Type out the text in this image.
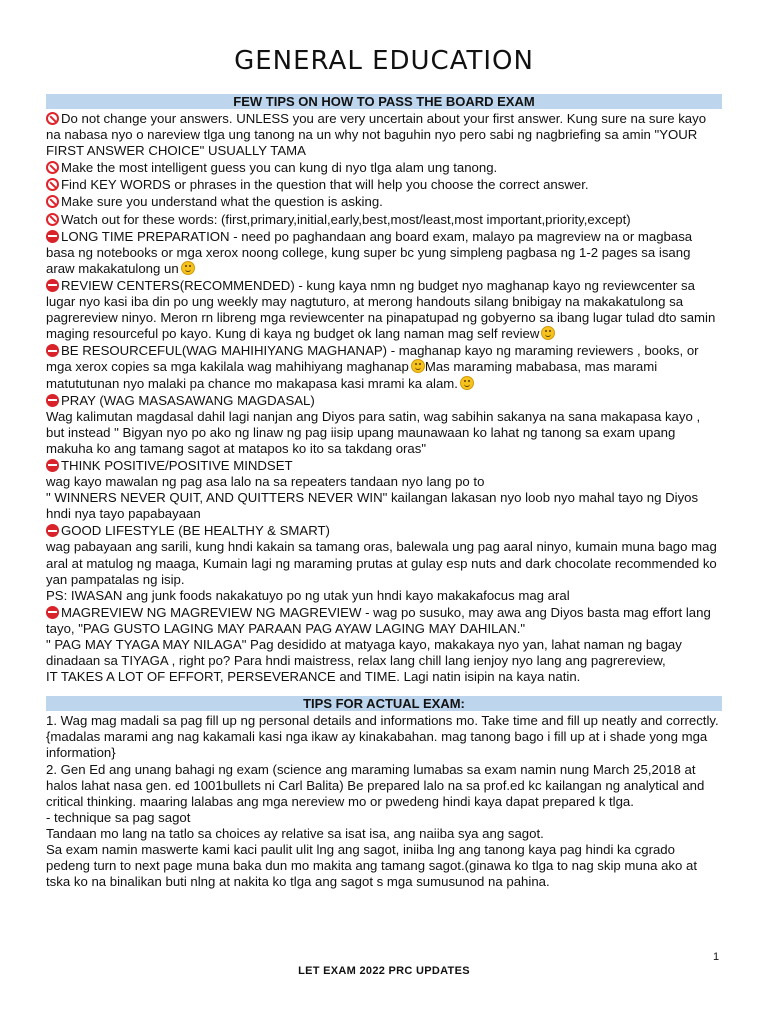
GENERAL EDUCATION
FEW TIPS ON HOW TO PASS THE BOARD EXAM

Do not change your answers. UNLESS you are very uncertain about your first answer. Kung sure na sure kayo na nabasa nyo o nareview tlga ung tanong na un why not baguhin nyo pero sabi ng nagbriefing sa amin "YOUR FIRST ANSWER CHOICE" USUALLY TAMA

Make the most intelligent guess you can kung di nyo tlga alam ung tanong.

Find KEY WORDS or phrases in the question that will help you choose the correct answer.

Make sure you understand what the question is asking.

Watch out for these words: (first,primary,initial,early,best,most/least,most important,priority,except)

LONG TIME PREPARATION - need po paghandaan ang board exam, malayo pa magreview na or magbasa basa ng notebooks or mga xerox noong college, kung super bc yung simpleng pagbasa ng 1-2 pages sa isang araw makakatulong un

REVIEW CENTERS(RECOMMENDED) - kung kaya nmn ng budget nyo maghanap kayo ng reviewcenter sa lugar nyo kasi iba din po ung weekly may nagtuturo, at merong handouts silang bnibigay na makakatulong sa pagrereview ninyo. Meron rn libreng mga reviewcenter na pinapatupad ng gobyerno sa ibang lugar tulad dto samin maging resourceful po kayo. Kung di kaya ng budget ok lang naman mag self review

BE RESOURCEFUL(WAG MAHIHIYANG MAGHANAP) - maghanap kayo ng maraming reviewers , books, or mga xerox copies sa mga kakilala wag mahihiyang maghanap Mas maraming mababasa, mas marami matututunan nyo malaki pa chance mo makapasa kasi mrami ka alam.

PRAY (WAG MASASAWANG MAGDASAL)

Wag kalimutan magdasal dahil lagi nanjan ang Diyos para satin, wag sabihin sakanya na sana makapasa kayo , but instead " Bigyan nyo po ako ng linaw ng pag iisip upang maunawaan ko lahat ng tanong sa exam upang makuha ko ang tamang sagot at matapos ko ito sa takdang oras"

THINK POSITIVE/POSITIVE MINDSET

wag kayo mawalan ng pag asa lalo na sa repeaters tandaan nyo lang po to

" WINNERS NEVER QUIT, AND QUITTERS NEVER WIN" kailangan lakasan nyo loob nyo mahal tayo ng Diyos hndi nya tayo papabayaan

GOOD LIFESTYLE (BE HEALTHY & SMART)

wag pabayaan ang sarili, kung hndi kakain sa tamang oras, balewala ung pag aaral ninyo, kumain muna bago mag aral at matulog ng maaga, Kumain lagi ng maraming prutas at gulay esp nuts and dark chocolate recommended ko yan pampatalas ng isip.

PS: IWASAN ang junk foods nakakatuyo po ng utak yun hndi kayo makakafocus mag aral

MAGREVIEW NG MAGREVIEW NG MAGREVIEW - wag po susuko, may awa ang Diyos basta mag effort lang tayo, "PAG GUSTO LAGING MAY PARAAN PAG AYAW LAGING MAY DAHILAN."

" PAG MAY TYAGA MAY NILAGA" Pag desidido at matyaga kayo, makakaya nyo yan, lahat naman ng bagay dinadaan sa TIYAGA , right po? Para hndi maistress, relax lang chill lang ienjoy nyo lang ang pagrereview,

IT TAKES A LOT OF EFFORT, PERSEVERANCE and TIME. Lagi natin isipin na kaya natin.

TIPS FOR ACTUAL EXAM:

1. Wag mag madali sa pag fill up ng personal details and informations mo. Take time and fill up neatly and correctly. {madalas marami ang nag kakamali kasi nga ikaw ay kinakabahan. mag tanong bago i fill up at i shade yong mga information}

2. Gen Ed ang unang bahagi ng exam (science ang maraming lumabas sa exam namin nung March 25,2018 at halos lahat nasa gen. ed 1001bullets ni Carl Balita) Be prepared lalo na sa prof.ed kc kailangan ng analytical and critical thinking. maaring lalabas ang mga nereview mo or pwedeng hindi kaya dapat prepared k tlga.

- technique sa pag sagot

Tandaan mo lang na tatlo sa choices ay relative sa isat isa, ang naiiba sya ang sagot.

Sa exam namin maswerte kami kaci paulit ulit lng ang sagot, iniiba lng ang tanong kaya pag hindi ka cgrado pedeng turn to next page muna baka dun mo makita ang tamang sagot.(ginawa ko tlga to nag skip muna ako at tska ko na binalikan buti nlng at nakita ko tlga ang sagot s mga sumusunod na pahina.

1
LET EXAM 2022 PRC UPDATES
